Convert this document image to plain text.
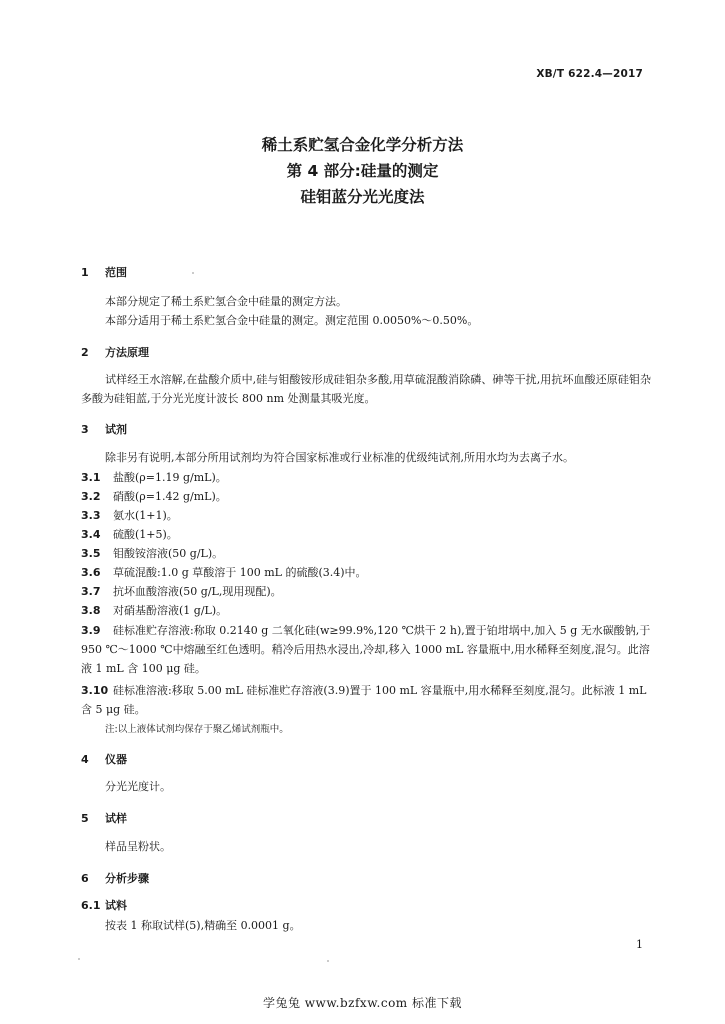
XB/T 622.4—2017
稀土系贮氢合金化学分析方法
第 4 部分:硅量的测定
硅钼蓝分光光度法
1 范围
本部分规定了稀土系贮氢合金中硅量的测定方法。
本部分适用于稀土系贮氢合金中硅量的测定。测定范围 0.0050%～0.50%。
2 方法原理
试样经王水溶解,在盐酸介质中,硅与钼酸铵形成硅钼杂多酸,用草硫混酸消除磷、砷等干扰,用抗坏血酸还原硅钼杂多酸为硅钼蓝,于分光光度计波长 800 nm 处测量其吸光度。
3 试剂
除非另有说明,本部分所用试剂均为符合国家标准或行业标准的优级纯试剂,所用水均为去离子水。
3.1 盐酸(ρ=1.19 g/mL)。
3.2 硝酸(ρ=1.42 g/mL)。
3.3 氨水(1+1)。
3.4 硫酸(1+5)。
3.5 钼酸铵溶液(50 g/L)。
3.6 草硫混酸:1.0 g 草酸溶于 100 mL 的硫酸(3.4)中。
3.7 抗坏血酸溶液(50 g/L,现用现配)。
3.8 对硝基酚溶液(1 g/L)。
3.9 硅标准贮存溶液:称取 0.2140 g 二氧化硅(w≥99.9%,120 ℃烘干 2 h),置于铂坩埚中,加入 5 g 无水碳酸钠,于 950 ℃～1000 ℃中熔融至红色透明。稍冷后用热水浸出,冷却,移入 1000 mL 容量瓶中,用水稀释至刻度,混匀。此溶液 1 mL 含 100 μg 硅。
3.10 硅标准溶液:移取 5.00 mL 硅标准贮存溶液(3.9)置于 100 mL 容量瓶中,用水稀释至刻度,混匀。此标液 1 mL 含 5 μg 硅。
注:以上液体试剂均保存于聚乙烯试剂瓶中。
4 仪器
分光光度计。
5 试样
样品呈粉状。
6 分析步骤
6.1 试料
按表 1 称取试样(5),精确至 0.0001 g。
1
学兔兔 www.bzfxw.com 标准下载
